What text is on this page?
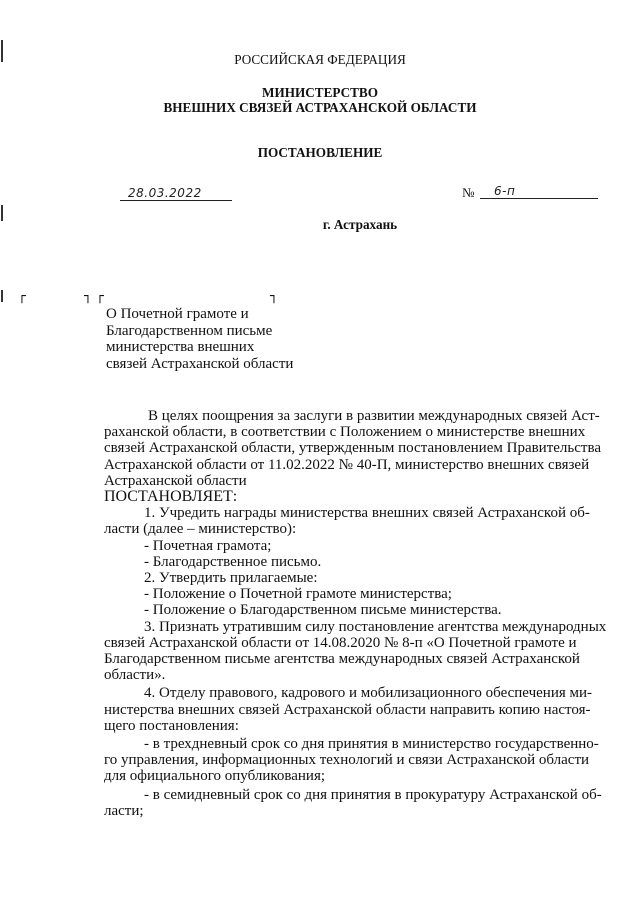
РОССИЙСКАЯ ФЕДЕРАЦИЯ
МИНИСТЕРСТВО
ВНЕШНИХ СВЯЗЕЙ АСТРАХАНСКОЙ ОБЛАСТИ
ПОСТАНОВЛЕНИЕ
28.03.2022	№	6-п
г. Астрахань
┌	┐ ┌	┐
О Почетной грамоте и
Благодарственном письме
министерства внешних
связей Астраханской области
В целях поощрения за заслуги в развитии международных связей Аст-
раханской области, в соответствии с Положением о министерстве внешних
связей Астраханской области, утвержденным постановлением Правительства
Астраханской области от 11.02.2022 № 40-П, министерство внешних связей
Астраханской области
ПОСТАНОВЛЯЕТ:
1. Учредить награды министерства внешних связей Астраханской об-
ласти (далее – министерство):
- Почетная грамота;
- Благодарственное письмо.
2. Утвердить прилагаемые:
- Положение о Почетной грамоте министерства;
- Положение о Благодарственном письме министерства.
3. Признать утратившим силу постановление агентства международных
связей Астраханской области от 14.08.2020 № 8-п «О Почетной грамоте и
Благодарственном письме агентства международных связей Астраханской
области».
4. Отделу правового, кадрового и мобилизационного обеспечения ми-
нистерства внешних связей Астраханской области направить копию настоя-
щего постановления:
- в трехдневный срок со дня принятия в министерство государственно-
го управления, информационных технологий и связи Астраханской области
для официального опубликования;
- в семидневный срок со дня принятия в прокуратуру Астраханской об-
ласти;
